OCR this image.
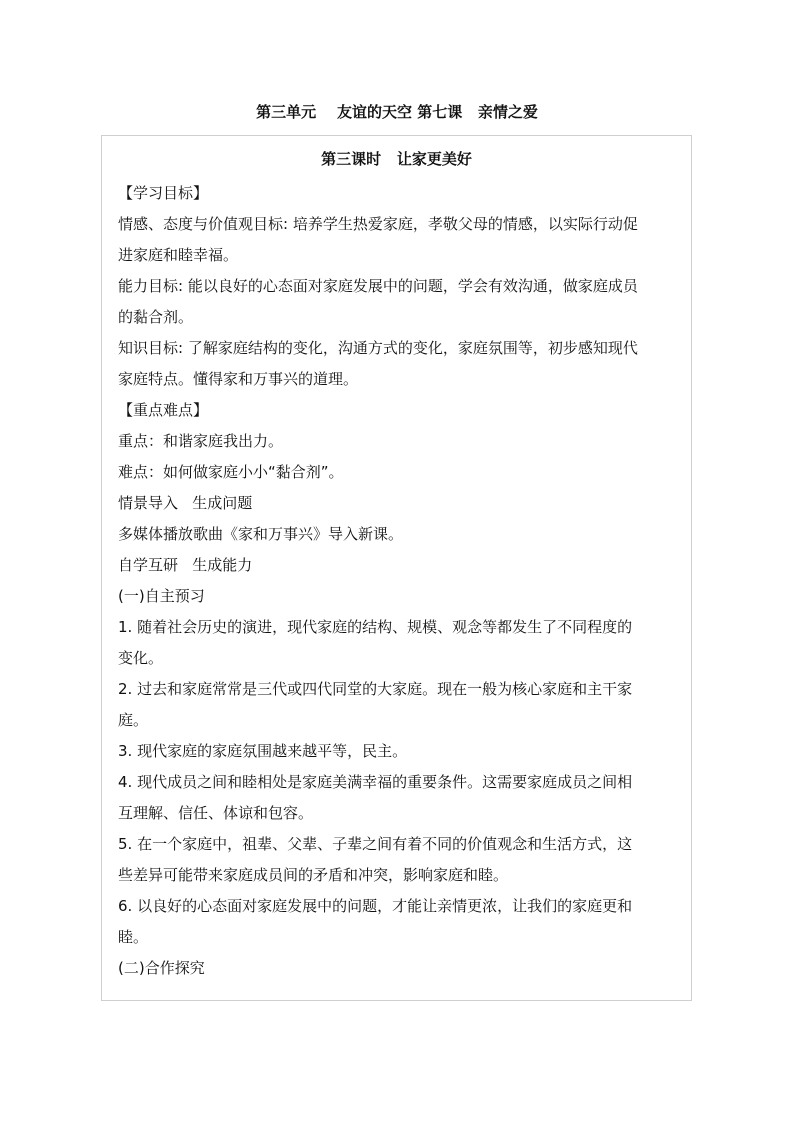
第三单元    友谊的天空 第七课   亲情之爱
第三课时   让家更美好

【学习目标】

情感、态度与价值观目标: 培养学生热爱家庭，孝敬父母的情感，以实际行动促

进家庭和睦幸福。

能力目标: 能以良好的心态面对家庭发展中的问题，学会有效沟通，做家庭成员

的黏合剂。

知识目标: 了解家庭结构的变化，沟通方式的变化，家庭氛围等，初步感知现代

家庭特点。懂得家和万事兴的道理。

【重点难点】

重点：和谐家庭我出力。

难点：如何做家庭小小“黏合剂”。

情景导入   生成问题

多媒体播放歌曲《家和万事兴》导入新课。

自学互研   生成能力

(一)自主预习

1. 随着社会历史的演进，现代家庭的结构、规模、观念等都发生了不同程度的

变化。

2. 过去和家庭常常是三代或四代同堂的大家庭。现在一般为核心家庭和主干家

庭。

3. 现代家庭的家庭氛围越来越平等，民主。

4. 现代成员之间和睦相处是家庭美满幸福的重要条件。这需要家庭成员之间相

互理解、信任、体谅和包容。

5. 在一个家庭中，祖辈、父辈、子辈之间有着不同的价值观念和生活方式，这

些差异可能带来家庭成员间的矛盾和冲突，影响家庭和睦。

6. 以良好的心态面对家庭发展中的问题，才能让亲情更浓，让我们的家庭更和

睦。

(二)合作探究
